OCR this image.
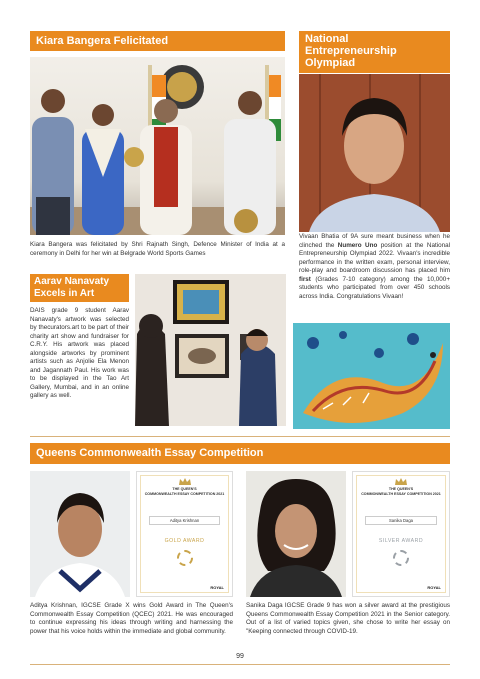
Kiara Bangera Felicitated
Kiara Bangera was felicitated by Shri Rajnath Singh, Defence Minister of India at a ceremony in Delhi for her win at Belgrade World Sports Games
National
Entrepreneurship
Olympiad
Vivaan Bhatia of 9A sure meant business when he clinched the Numero Uno position at the National Entrepreneurship Olympiad 2022. Vivaan's incredible performance in the written exam, personal interview, role-play and boardroom discussion has placed him first (Grades 7-10 category) among the 10,000+ students who participated from over 450 schools across India. Congratulations Vivaan!
Aarav Nanavaty
Excels in Art
DAIS grade 9 student Aarav Nanavaty's artwork was selected by thecurators.art to be part of their charity art show and fundraiser for C.R.Y. His artwork was placed alongside artworks by prominent artists such as Anjolie Ela Menon and Jagannath Paul. His work was to be displayed in the Tao Art Gallery, Mumbai, and in an online gallery as well.
Queens Commonwealth Essay Competition
THE QUEEN'S
COMMONWEALTH ESSAY COMPETITION 2021
Aditya Krishnan
GOLD AWARD
ROYAL
THE QUEEN'S
COMMONWEALTH ESSAY COMPETITION 2021
Sanika Daga
SILVER AWARD
ROYAL
Aditya Krishnan, IGCSE Grade X wins Gold Award in The Queen's Commonwealth Essay Competition (QCEC) 2021. He was encouraged to continue expressing his ideas through writing and harnessing the power that his voice holds within the immediate and global community.
Sanika Daga IGCSE Grade 9 has won a silver award at the prestigious Queens Commonwealth Essay Competition 2021 in the Senior category. Out of a list of varied topics given, she chose to write her essay on "Keeping connected through COVID-19.
99
